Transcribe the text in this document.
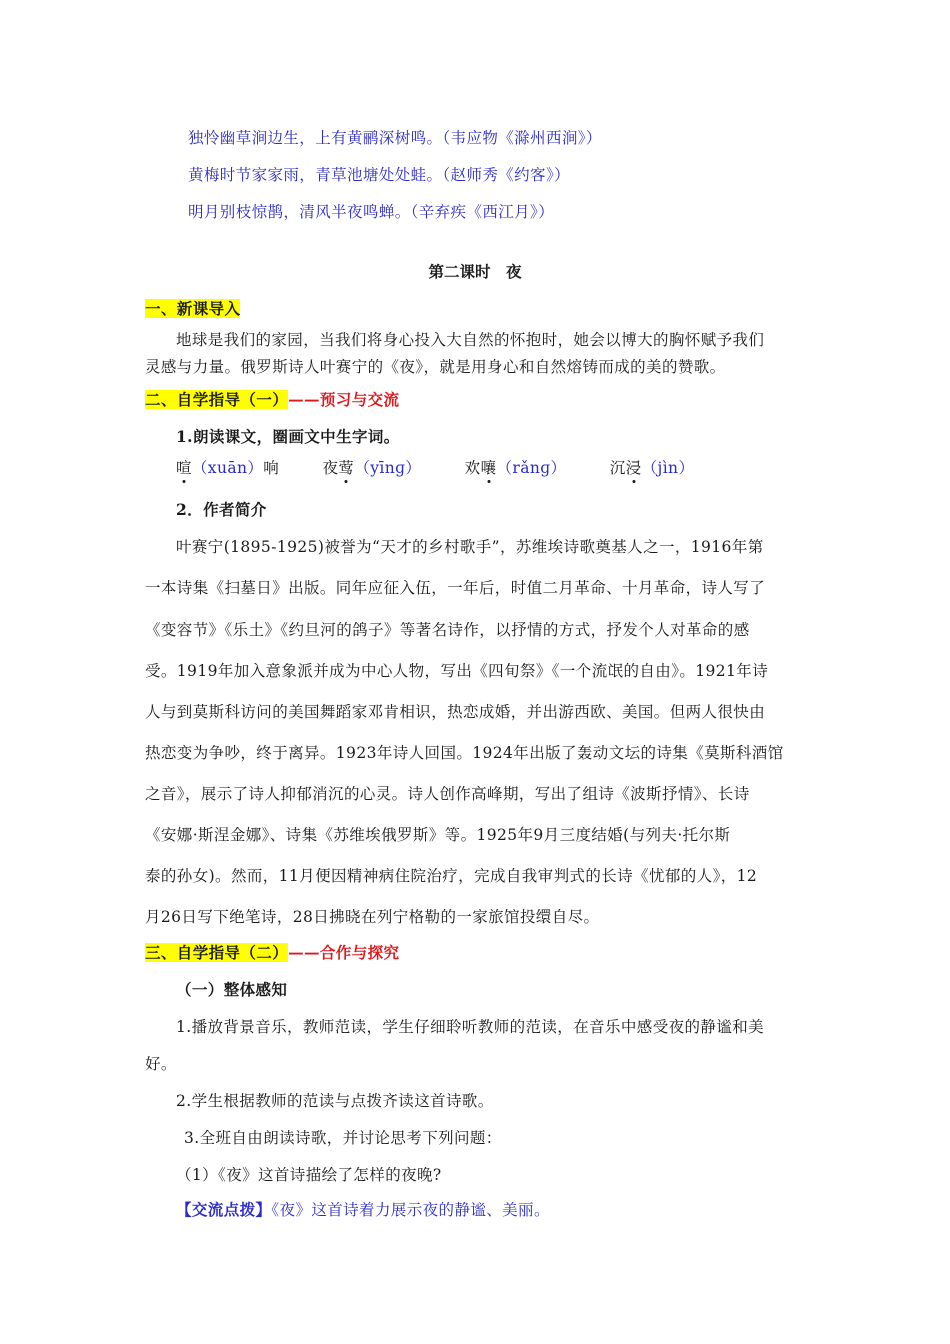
独怜幽草涧边生，上有黄鹂深树鸣。（韦应物《滁州西涧》）
黄梅时节家家雨，青草池塘处处蛙。（赵师秀《约客》）
明月别枝惊鹊，清风半夜鸣蝉。（辛弃疾《西江月》）
第二课时　夜
一、新课导入
地球是我们的家园，当我们将身心投入大自然的怀抱时，她会以博大的胸怀赋予我们
灵感与力量。俄罗斯诗人叶赛宁的《夜》，就是用身心和自然熔铸而成的美的赞歌。
二、自学指导（一）——预习与交流
1.朗读课文，圈画文中生字词。
喧（xuān）响	夜莺（yīnɡ）	欢嚷（rǎnɡ）	沉浸（jìn）
2．作者简介
叶赛宁(1895-1925)被誉为“天才的乡村歌手”，苏维埃诗歌奠基人之一，1916年第
一本诗集《扫墓日》出版。同年应征入伍，一年后，时值二月革命、十月革命，诗人写了
《变容节》《乐土》《约旦河的鸽子》等著名诗作，以抒情的方式，抒发个人对革命的感
受。1919年加入意象派并成为中心人物，写出《四旬祭》《一个流氓的自由》。1921年诗
人与到莫斯科访问的美国舞蹈家邓肯相识，热恋成婚，并出游西欧、美国。但两人很快由
热恋变为争吵，终于离异。1923年诗人回国。1924年出版了轰动文坛的诗集《莫斯科酒馆
之音》，展示了诗人抑郁消沉的心灵。诗人创作高峰期，写出了组诗《波斯抒情》、长诗
《安娜·斯涅金娜》、诗集《苏维埃俄罗斯》等。1925年9月三度结婚(与列夫·托尔斯
泰的孙女)。然而，11月便因精神病住院治疗，完成自我审判式的长诗《忧郁的人》，12
月26日写下绝笔诗，28日拂晓在列宁格勒的一家旅馆投缳自尽。
三、自学指导（二）——合作与探究
（一）整体感知
1.播放背景音乐，教师范读，学生仔细聆听教师的范读，在音乐中感受夜的静谧和美
好。
2.学生根据教师的范读与点拨齐读这首诗歌。
3.全班自由朗读诗歌，并讨论思考下列问题：
（1）《夜》这首诗描绘了怎样的夜晚?
【交流点拨】《夜》这首诗着力展示夜的静谧、美丽。
